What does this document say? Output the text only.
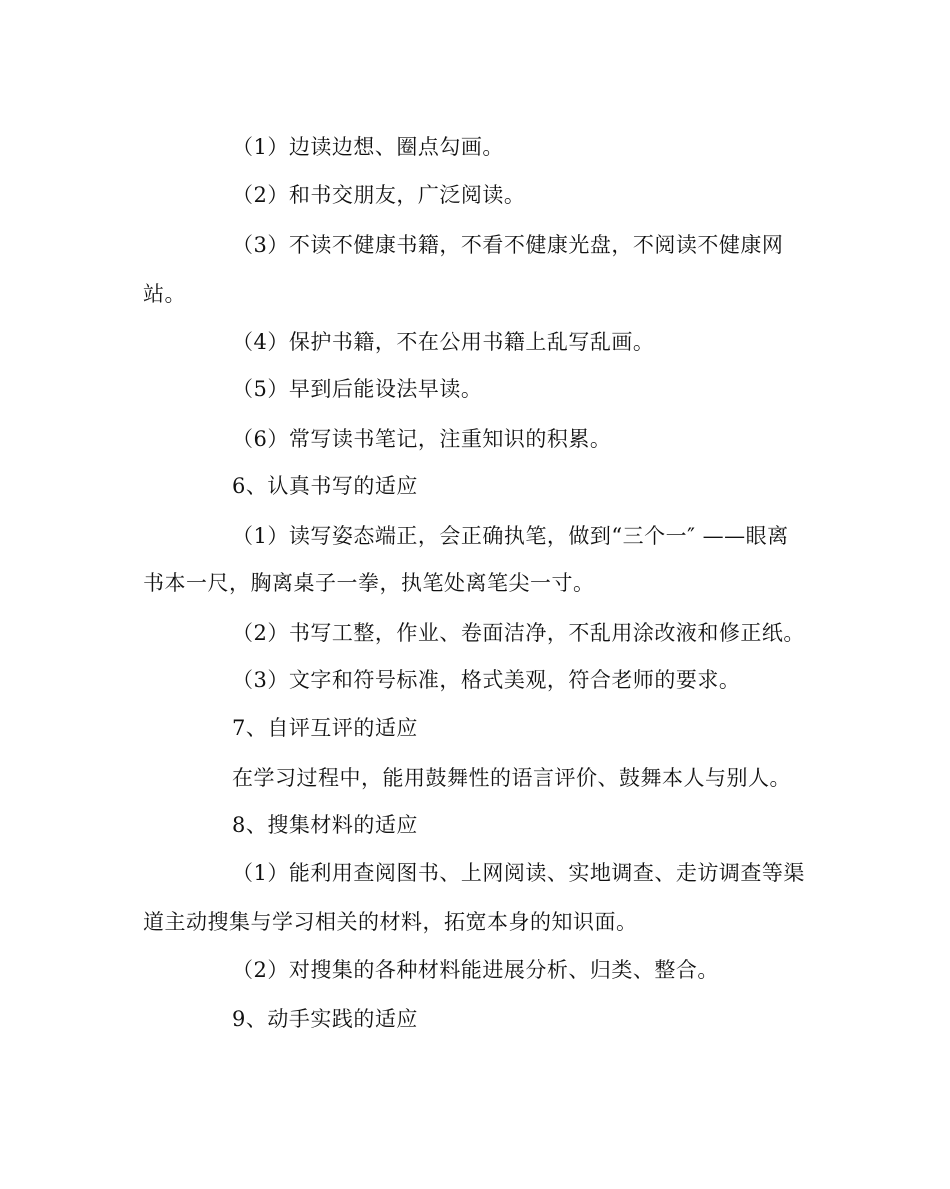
（1）边读边想、圈点勾画。
（2）和书交朋友，广泛阅读。
（3）不读不健康书籍，不看不健康光盘，不阅读不健康网
站。
（4）保护书籍，不在公用书籍上乱写乱画。
（5）早到后能设法早读。
（6）常写读书笔记，注重知识的积累。
6、认真书写的适应
（1）读写姿态端正，会正确执笔，做到“三个一″ ——眼离
书本一尺，胸离桌子一拳，执笔处离笔尖一寸。
（2）书写工整，作业、卷面洁净，不乱用涂改液和修正纸。
（3）文字和符号标准，格式美观，符合老师的要求。
7、自评互评的适应
在学习过程中，能用鼓舞性的语言评价、鼓舞本人与别人。
8、搜集材料的适应
（1）能利用查阅图书、上网阅读、实地调查、走访调查等渠
道主动搜集与学习相关的材料，拓宽本身的知识面。
（2）对搜集的各种材料能进展分析、归类、整合。
9、动手实践的适应
